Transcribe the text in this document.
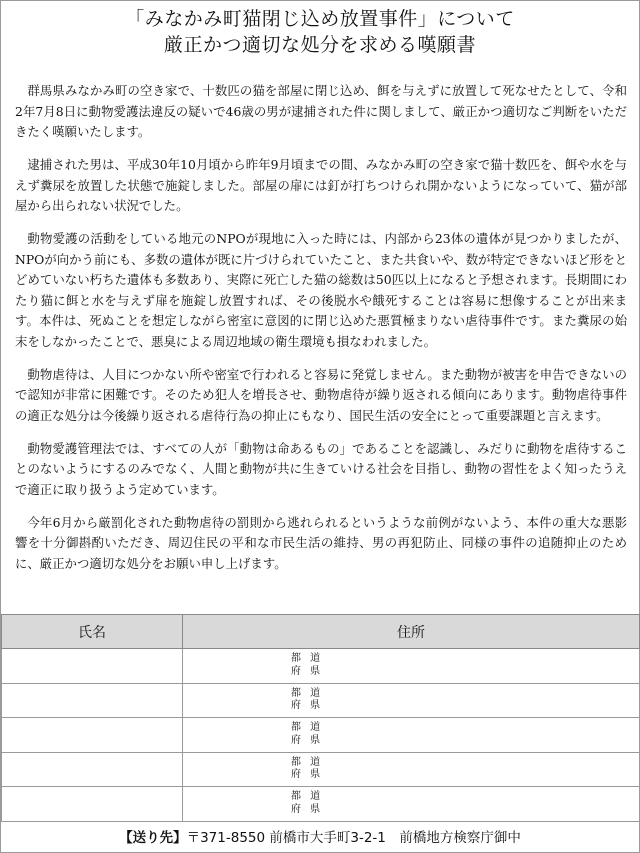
「みなかみ町猫閉じ込め放置事件」について
厳正かつ適切な処分を求める嘆願書

群馬県みなかみ町の空き家で、十数匹の猫を部屋に閉じ込め、餌を与えずに放置して死なせたとして、令和2年7月8日に動物愛護法違反の疑いで46歳の男が逮捕された件に関しまして、厳正かつ適切なご判断をいただきたく嘆願いたします。

逮捕された男は、平成30年10月頃から昨年9月頃までの間、みなかみ町の空き家で猫十数匹を、餌や水を与えず糞尿を放置した状態で施錠しました。部屋の扉には釘が打ちつけられ開かないようになっていて、猫が部屋から出られない状況でした。

動物愛護の活動をしている地元のNPOが現地に入った時には、内部から23体の遺体が見つかりましたが、NPOが向かう前にも、多数の遺体が既に片づけられていたこと、また共食いや、数が特定できないほど形をとどめていない朽ちた遺体も多数あり、実際に死亡した猫の総数は50匹以上になると予想されます。長期間にわたり猫に餌と水を与えず扉を施錠し放置すれば、その後脱水や餓死することは容易に想像することが出来ます。本件は、死ぬことを想定しながら密室に意図的に閉じ込めた悪質極まりない虐待事件です。また糞尿の始末をしなかったことで、悪臭による周辺地域の衛生環境も損なわれました。

動物虐待は、人目につかない所や密室で行われると容易に発覚しません。また動物が被害を申告できないので認知が非常に困難です。そのため犯人を増長させ、動物虐待が繰り返される傾向にあります。動物虐待事件の適正な処分は今後繰り返される虐待行為の抑止にもなり、国民生活の安全にとって重要課題と言えます。

動物愛護管理法では、すべての人が「動物は命あるもの」であることを認識し、みだりに動物を虐待することのないようにするのみでなく、人間と動物が共に生きていける社会を目指し、動物の習性をよく知ったうえで適正に取り扱うよう定めています。

今年6月から厳罰化された動物虐待の罰則から逃れられるというような前例がないよう、本件の重大な悪影響を十分御斟酌いただき、周辺住民の平和な市民生活の維持、男の再犯防止、同様の事件の追随抑止のために、厳正かつ適切な処分をお願い申し上げます。

氏名	住所

	都 道
府 県

	都 道
府 県

	都 道
府 県

	都 道
府 県

	都 道
府 県
【送り先】〒371-8550 前橋市大手町3-2-1　前橋地方検察庁御中
